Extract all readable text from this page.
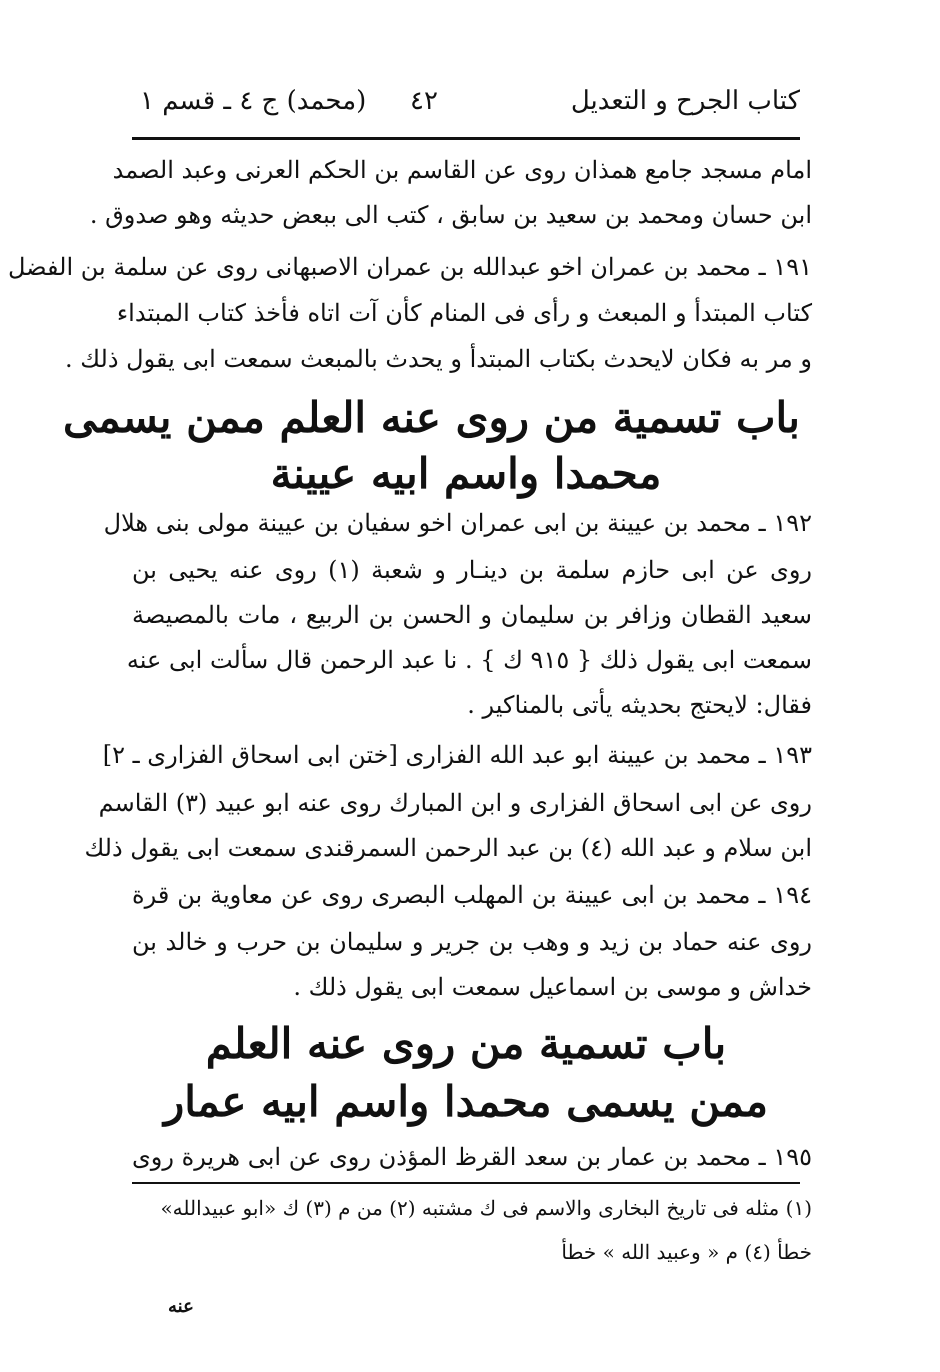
كتاب الجرح و التعديل
٤٢
(محمد) ج ٤ ـ قسم ١
امام مسجد جامع همذان روى عن القاسم بن الحكم العرنى وعبد الصمد
ابن حسان ومحمد بن سعيد بن سابق ، كتب الى ببعض حديثه وهو صدوق .
١٩١ ـ محمد بن عمران اخو عبدالله بن عمران الاصبهانى روى عن سلمة بن الفضل
كتاب المبتدأ و المبعث و رأى فى المنام كأن آت اتاه فأخذ كتاب المبتداء
و مر به فكان لايحدث بكتاب المبتدأ و يحدث بالمبعث سمعت ابى يقول ذلك .
باب تسمية من روى عنه العلم ممن يسمى
محمدا واسم ابيه عيينة
١٩٢ ـ محمد بن عيينة بن ابى عمران اخو سفيان بن عيينة مولى بنى هلال
روى عن ابى حازم سلمة بن دينـار و شعبة (١) روى عنه يحيى بن
سعيد القطان وزافر بن سليمان و الحسن بن الربيع ، مات بالمصيصة
سمعت ابى يقول ذلك { ٩١٥ ك } . نا عبد الرحمن قال سألت ابى عنه
فقال: لايحتج بحديثه يأتى بالمناكير .
١٩٣ ـ محمد بن عيينة ابو عبد الله الفزارى [ختن ابى اسحاق الفزارى ـ ٢]
روى عن ابى اسحاق الفزارى و ابن المبارك روى عنه ابو عبيد (٣) القاسم
ابن سلام و عبد الله (٤) بن عبد الرحمن السمرقندى سمعت ابى يقول ذلك
١٩٤ ـ محمد بن ابى عيينة بن المهلب البصرى روى عن معاوية بن قرة
روى عنه حماد بن زيد و وهب بن جرير و سليمان بن حرب و خالد بن
خداش و موسى بن اسماعيل سمعت ابى يقول ذلك .
باب تسمية من روى عنه العلم
ممن يسمى محمدا واسم ابيه عمار
١٩٥ ـ محمد بن عمار بن سعد القرظ المؤذن روى عن ابى هريرة روى
(١) مثله فى تاريخ البخارى والاسم فى ك مشتبه (٢) من م (٣) ك «ابو عبيدالله»
خطأ (٤) م « وعبيد الله » خطأ
عنه
